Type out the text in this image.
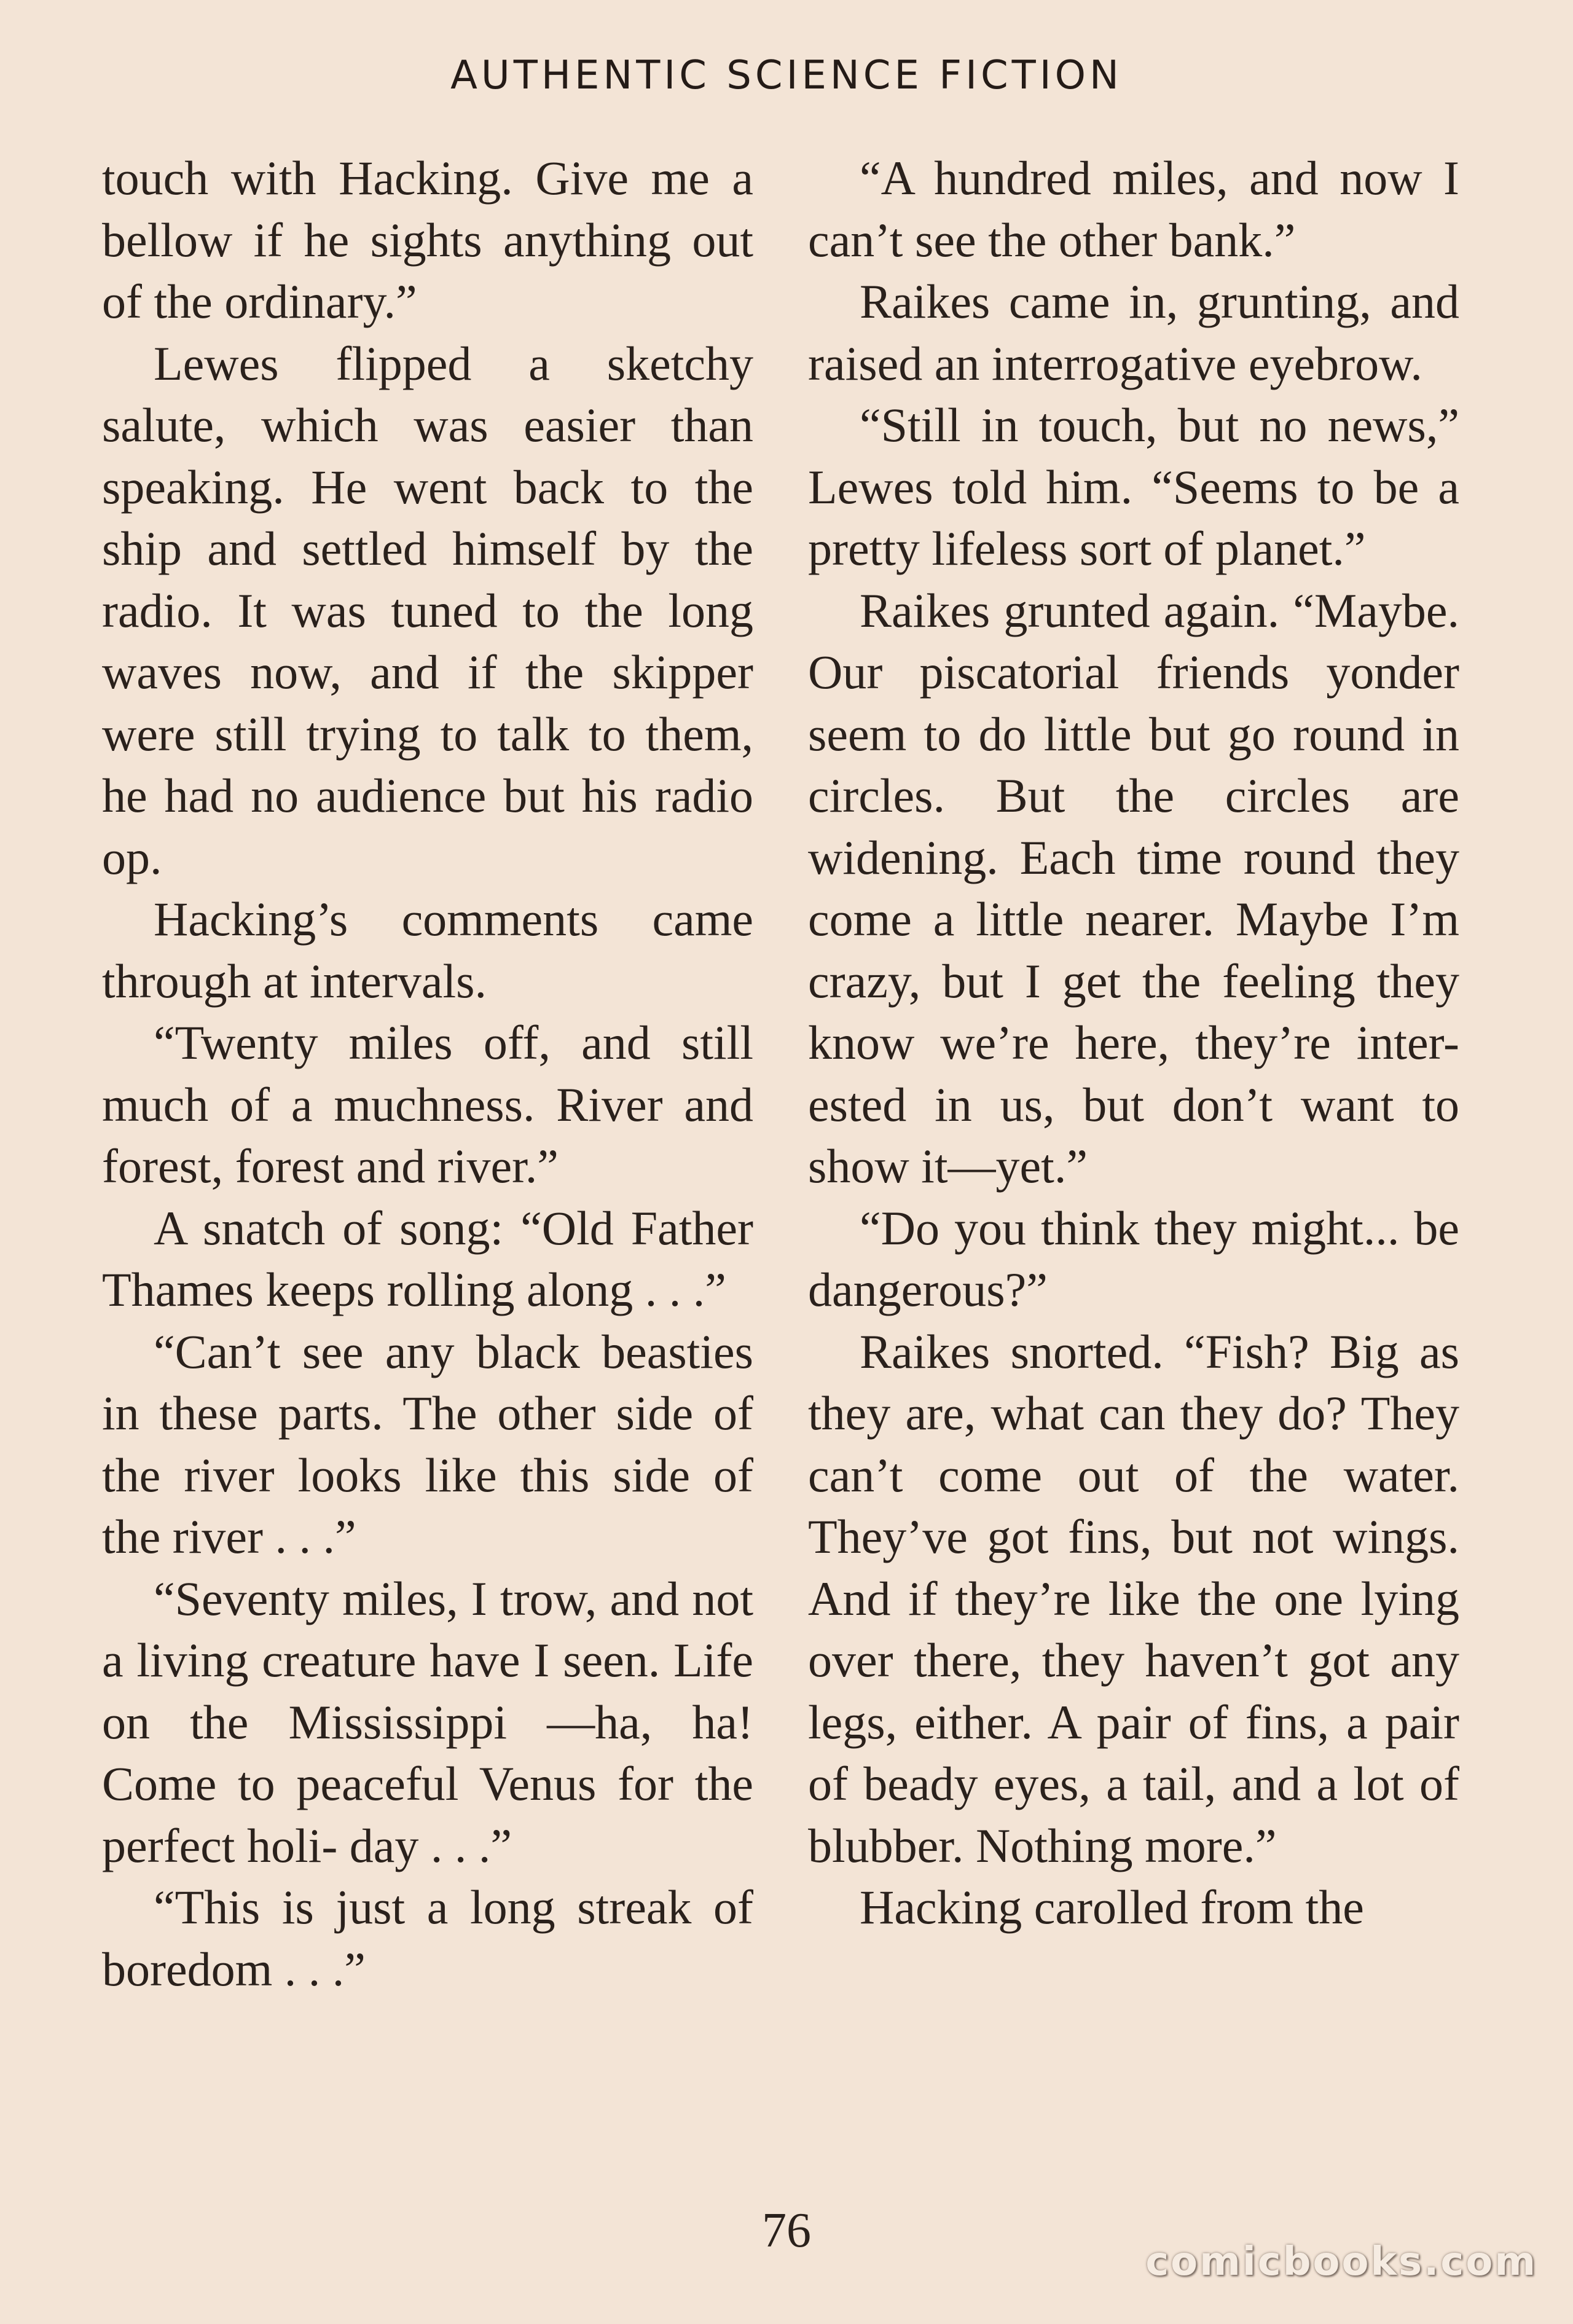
AUTHENTIC SCIENCE FICTION

touch with Hacking. Give me a bellow if he sights anything out of the ordinary.”

Lewes flipped a sketchy salute, which was easier than speaking. He went back to the ship and settled himself by the radio. It was tuned to the long waves now, and if the skipper were still trying to talk to them, he had no audience but his radio op.

Hacking’s comments came through at intervals.

“Twenty miles off, and still much of a muchness. River and forest, forest and river.”

A snatch of song: “Old Father Thames keeps rolling along . . .”

“Can’t see any black beasties in these parts. The other side of the river looks like this side of the river . . .”

“Seventy miles, I trow, and not a living creature have I seen. Life on the Mississippi —ha, ha! Come to peaceful Venus for the perfect holi- day . . .”

“This is just a long streak of boredom . . .”

“A hundred miles, and now I can’t see the other bank.”

Raikes came in, grunting, and raised an interrogative eyebrow.

“Still in touch, but no news,” Lewes told him. “Seems to be a pretty lifeless sort of planet.”

Raikes grunted again. “Maybe. Our piscatorial friends yonder seem to do little but go round in circles. But the circles are widening. Each time round they come a little nearer. Maybe I’m crazy, but I get the feeling they know we’re here, they’re inter- ested in us, but don’t want to show it—yet.”

“Do you think they might... be dangerous?”

Raikes snorted. “Fish? Big as they are, what can they do? They can’t come out of the water. They’ve got fins, but not wings. And if they’re like the one lying over there, they haven’t got any legs, either. A pair of fins, a pair of beady eyes, a tail, and a lot of blubber. Nothing more.”

Hacking carolled from the

76
comicbooks.com
